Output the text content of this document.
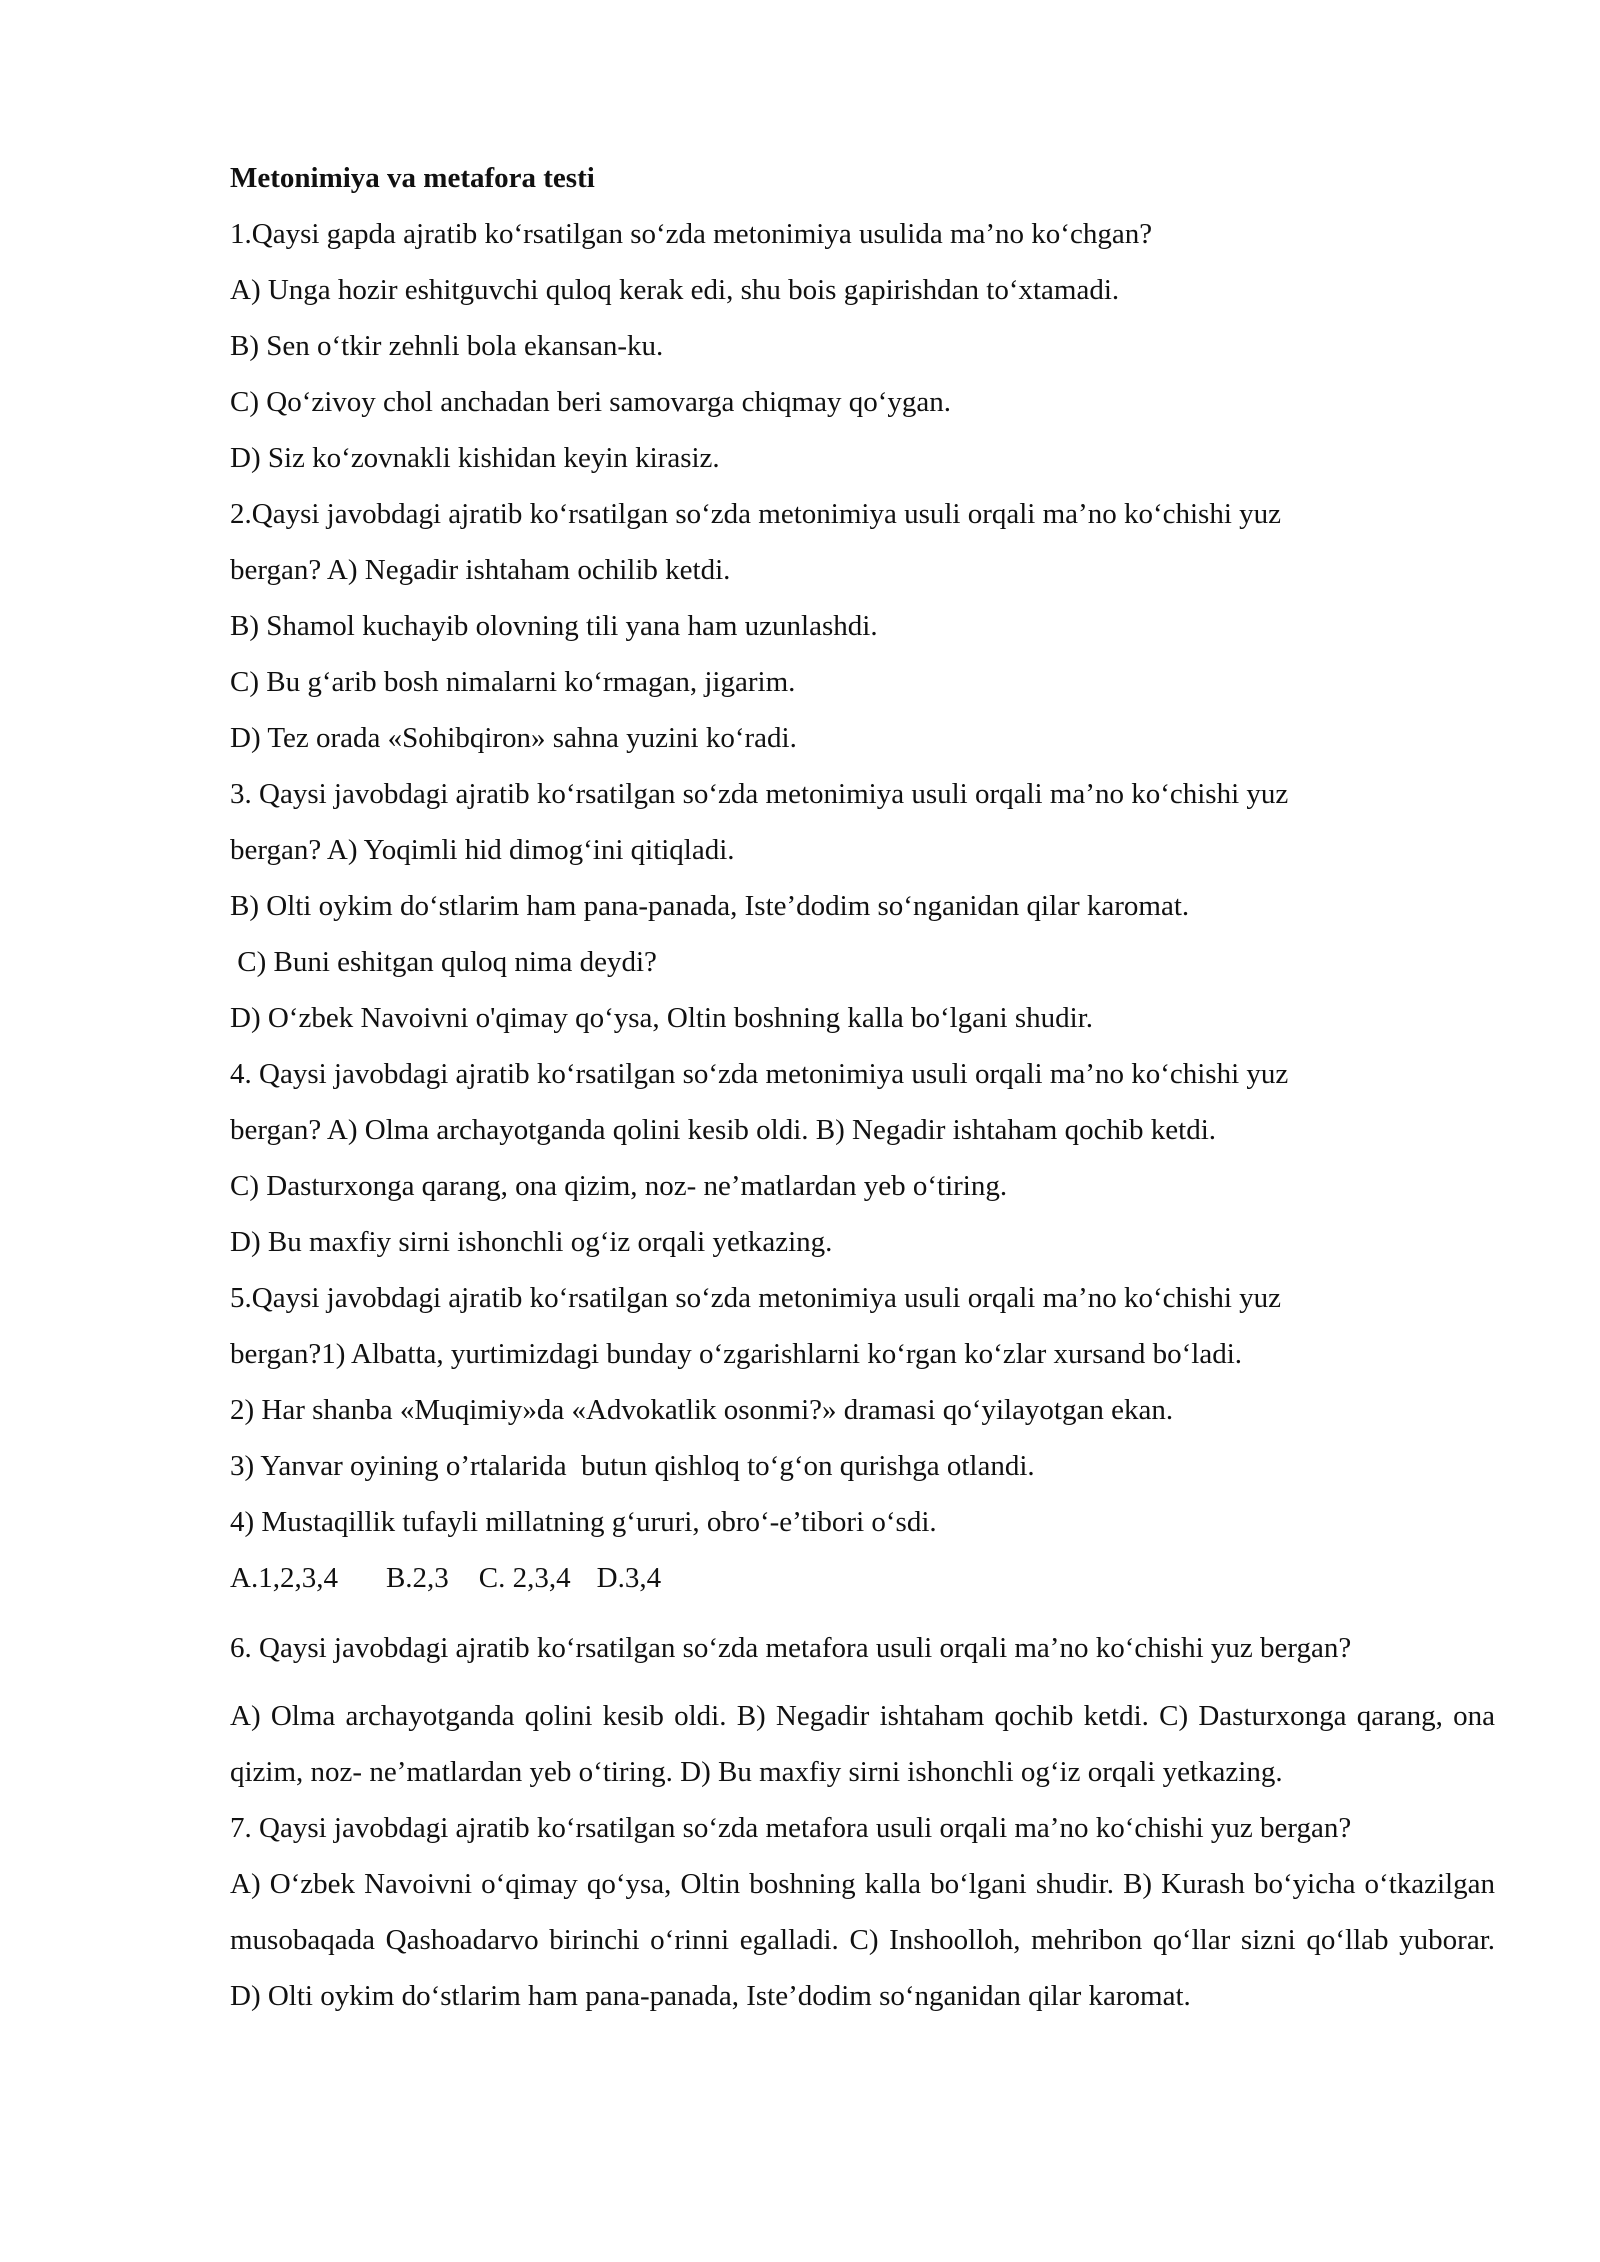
Metonimiya va metafora testi
1.Qaysi gapda ajratib ko‘rsatilgan so‘zda metonimiya usulida ma’no ko‘chgan?
A) Unga hozir eshitguvchi quloq kerak edi, shu bois gapirishdan to‘xtamadi.
B) Sen o‘tkir zehnli bola ekansan-ku.
C) Qo‘zivoy chol anchadan beri samovarga chiqmay qo‘ygan.
D) Siz ko‘zovnakli kishidan keyin kirasiz.
2.Qaysi javobdagi ajratib ko‘rsatilgan so‘zda metonimiya usuli orqali ma’no ko‘chishi yuz
bergan? A) Negadir ishtaham ochilib ketdi.
B) Shamol kuchayib olovning tili yana ham uzunlashdi.
C) Bu g‘arib bosh nimalarni ko‘rmagan, jigarim.
D) Tez orada «Sohibqiron» sahna yuzini ko‘radi.
3. Qaysi javobdagi ajratib ko‘rsatilgan so‘zda metonimiya usuli orqali ma’no ko‘chishi yuz
bergan? A) Yoqimli hid dimog‘ini qitiqladi.
B) Olti oykim do‘stlarim ham pana-panada, Iste’dodim so‘nganidan qilar karomat.
C) Buni eshitgan quloq nima deydi?
D) O‘zbek Navoivni o'qimay qo‘ysa, Oltin boshning kalla bo‘lgani shudir.
4. Qaysi javobdagi ajratib ko‘rsatilgan so‘zda metonimiya usuli orqali ma’no ko‘chishi yuz
bergan? A) Olma archayotganda qolini kesib oldi. B) Negadir ishtaham qochib ketdi.
C) Dasturxonga qarang, ona qizim, noz- ne’matlardan yeb o‘tiring.
D) Bu maxfiy sirni ishonchli og‘iz orqali yetkazing.
5.Qaysi javobdagi ajratib ko‘rsatilgan so‘zda metonimiya usuli orqali ma’no ko‘chishi yuz
bergan?1) Albatta, yurtimizdagi bunday o‘zgarishlarni ko‘rgan ko‘zlar xursand bo‘ladi.
2) Har shanba «Muqimiy»da «Advokatlik osonmi?» dramasi qo‘yilayotgan ekan.
3) Yanvar oyining o’rtalarida  butun qishloq to‘g‘on qurishga otlandi.
4) Mustaqillik tufayli millatning g‘ururi, obro‘-e’tibori o‘sdi.
A.1,2,3,4 B.2,3 C. 2,3,4 D.3,4
6. Qaysi javobdagi ajratib ko‘rsatilgan so‘zda metafora usuli orqali ma’no ko‘chishi yuz bergan?

A) Olma archayotganda qolini kesib oldi. B) Negadir ishtaham qochib ketdi. C) Dasturxonga qarang, ona qizim, noz- ne’matlardan yeb o‘tiring. D) Bu maxfiy sirni ishonchli og‘iz orqali yetkazing.

7. Qaysi javobdagi ajratib ko‘rsatilgan so‘zda metafora usuli orqali ma’no ko‘chishi yuz bergan?

A) O‘zbek Navoivni o‘qimay qo‘ysa, Oltin boshning kalla bo‘lgani shudir. B) Kurash bo‘yicha o‘tkazilgan musobaqada Qashoadarvo birinchi o‘rinni egalladi. C) Inshoolloh, mehribon qo‘llar sizni qo‘llab yuborar. D) Olti oykim do‘stlarim ham pana-panada, Iste’dodim so‘nganidan qilar karomat.
